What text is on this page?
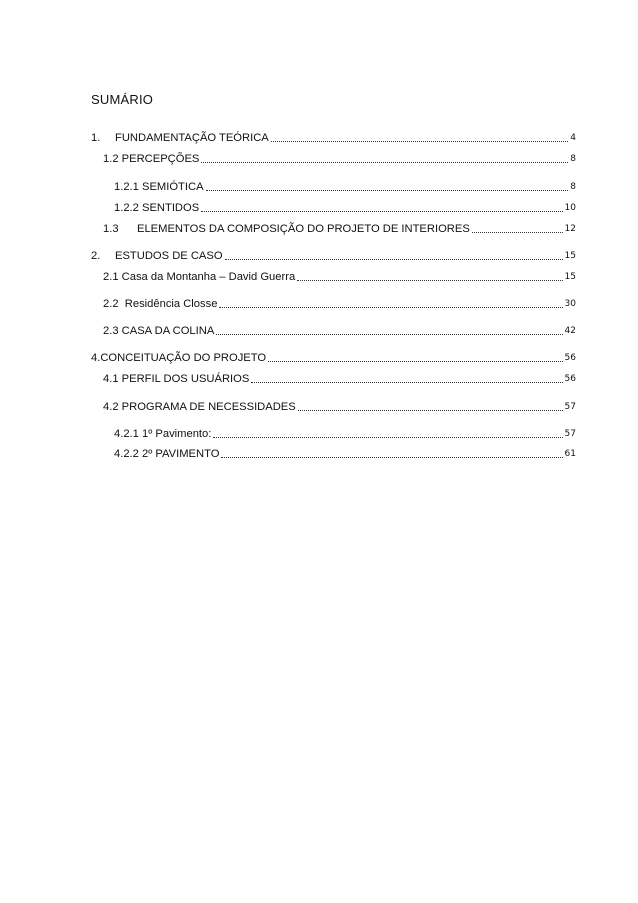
SUMÁRIO
1.	FUNDAMENTAÇÃO TEÓRICA	4
1.2 PERCEPÇÕES	8
1.2.1 SEMIÓTICA	8
1.2.2 SENTIDOS	10
1.3	ELEMENTOS DA COMPOSIÇÃO DO PROJETO DE INTERIORES	12
2.	ESTUDOS DE CASO	15
2.1 Casa da Montanha – David Guerra	15
2.2  Residência Closse	30
2.3 CASA DA COLINA	42
4.CONCEITUAÇÃO DO PROJETO	56
4.1 PERFIL DOS USUÁRIOS	56
4.2 PROGRAMA DE NECESSIDADES	57
4.2.1 1º Pavimento:	57
4.2.2 2º PAVIMENTO	61
